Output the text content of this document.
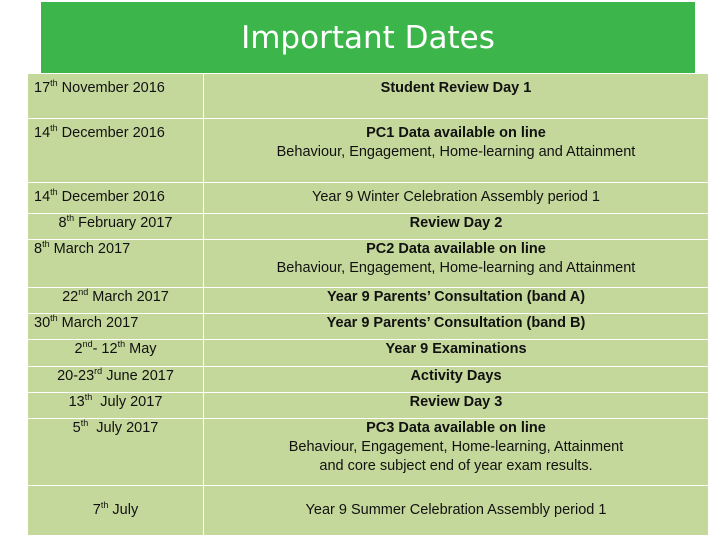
Important Dates
17th November 2016	Student Review Day 1

14th December 2016	PC1 Data available on line
Behaviour, Engagement, Home-learning and Attainment

14th December 2016	Year 9 Winter Celebration Assembly period 1

8th February 2017	Review Day 2

8th March 2017	PC2 Data available on line
Behaviour, Engagement, Home-learning and Attainment

22nd March 2017	Year 9 Parents’ Consultation (band A)

30th March 2017	Year 9 Parents’ Consultation (band B)

2nd- 12th May	Year 9 Examinations

20-23rd June 2017	Activity Days

13th  July 2017	Review Day 3

5th  July 2017	PC3 Data available on line
Behaviour, Engagement, Home-learning, Attainment
and core subject end of year exam results.

7th July	Year 9 Summer Celebration Assembly period 1
